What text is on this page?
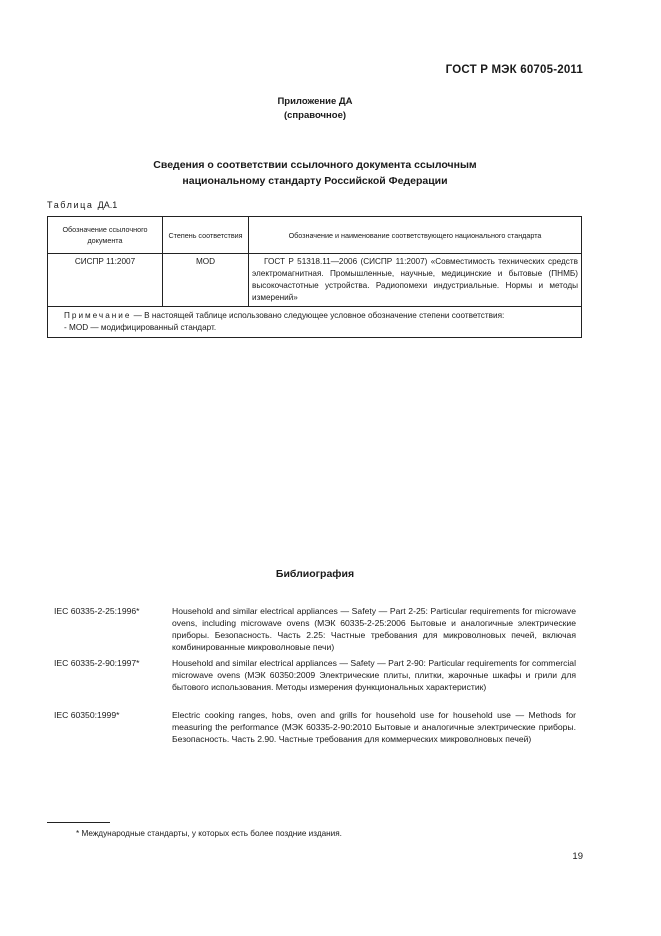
ГОСТ Р МЭК 60705-2011
Приложение ДА
(справочное)
Сведения о соответствии ссылочного документа ссылочным
национальному стандарту Российской Федерации
Таблица ДА.1
Обозначение ссылочного документа	Степень соответствия	Обозначение и наименование соответствующего национального стандарта
СИСПР 11:2007	MOD	ГОСТ Р 51318.11—2006 (СИСПР 11:2007) «Совместимость технических средств электромагнитная. Промышленные, научные, медицинские и бытовые (ПНМБ) высокочастотные устройства. Радиопомехи индустриальные. Нормы и методы измерений»

Примечание — В настоящей таблице использовано следующее условное обозначение степени соответствия:
- MOD — модифицированный стандарт.		
Библиография
IEC 60335-2-25:1996*	Household and similar electrical appliances — Safety — Part 2-25: Particular requirements for microwave ovens, including microwave ovens (МЭК 60335-2-25:2006 Бытовые и аналогичные электрические приборы. Безопасность. Часть 2.25: Частные требования для микроволновых печей, включая комбинированные микроволновые печи)
IEC 60335-2-90:1997*	Household and similar electrical appliances — Safety — Part 2-90: Particular requirements for commercial microwave ovens (МЭК 60350:2009 Электрические плиты, плитки, жарочные шкафы и грили для бытового использования. Методы измерения функциональных характеристик)
IEC 60350:1999*	Electric cooking ranges, hobs, oven and grills for household use for household use — Methods for measuring the performance (МЭК 60335-2-90:2010 Бытовые и аналогичные электрические приборы. Безопасность. Часть 2.90. Частные требования для коммерческих микроволновых печей)
* Международные стандарты, у которых есть более поздние издания.
19
